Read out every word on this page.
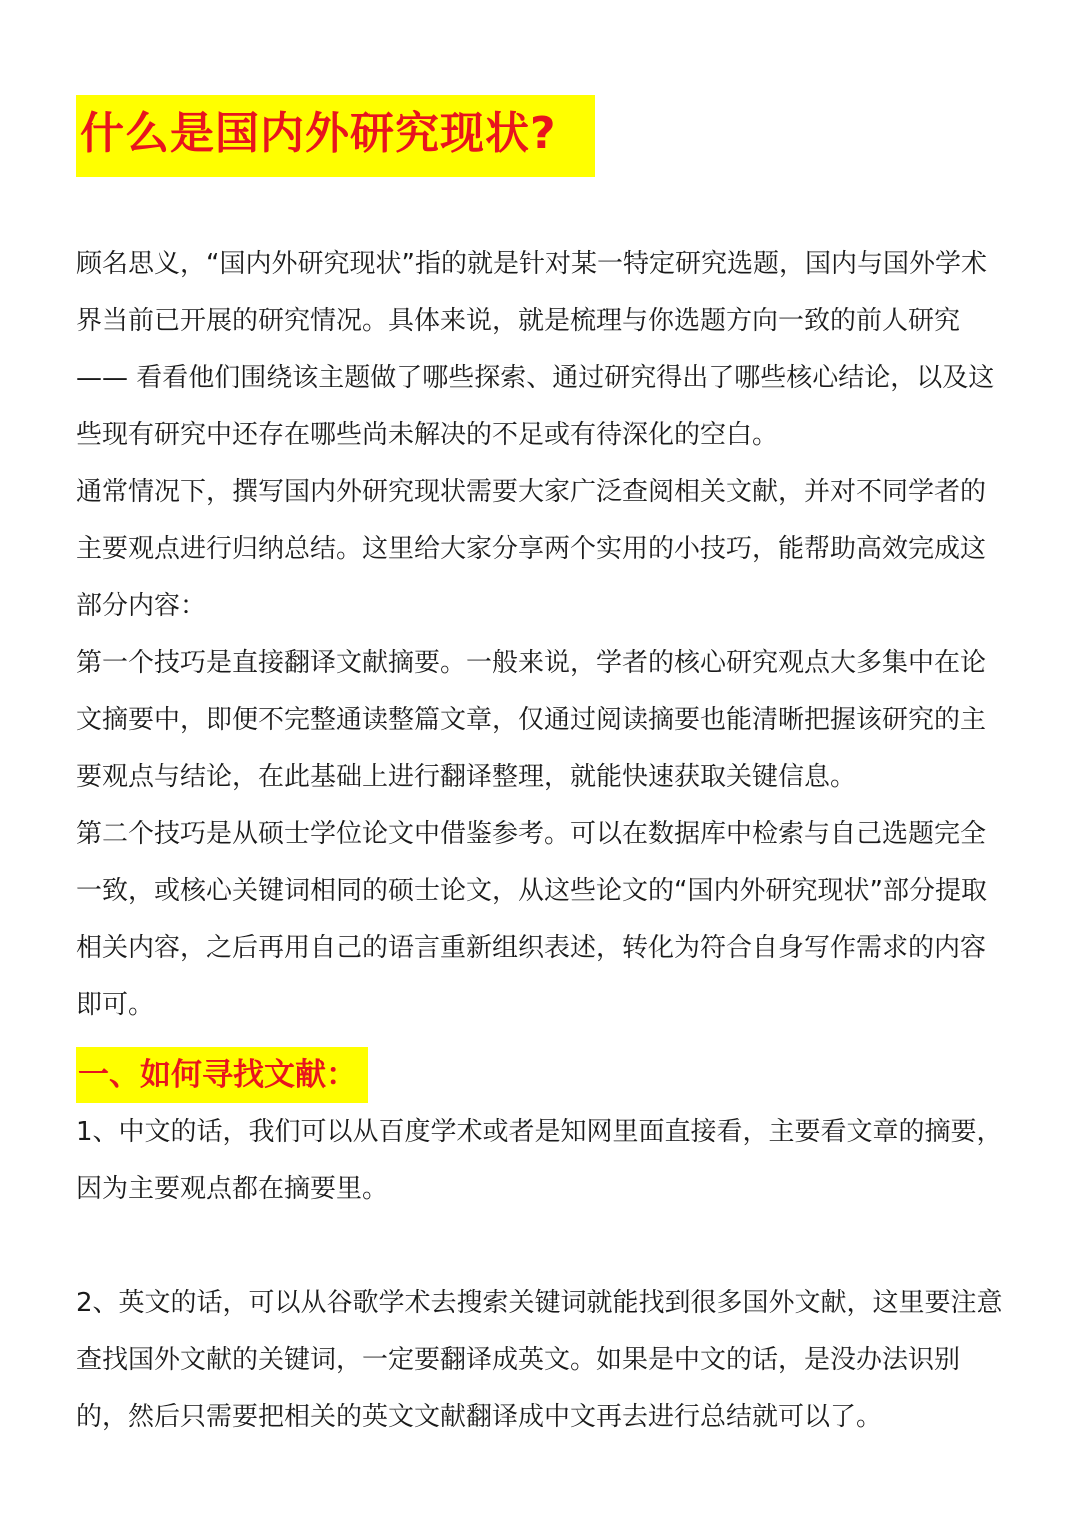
什么是国内外研究现状?

顾名思义，“国内外研究现状”指的就是针对某一特定研究选题，国内与国外学术界当前已开展的研究情况。具体来说，就是梳理与你选题方向一致的前人研究 —— 看看他们围绕该主题做了哪些探索、通过研究得出了哪些核心结论，以及这些现有研究中还存在哪些尚未解决的不足或有待深化的空白。

通常情况下，撰写国内外研究现状需要大家广泛查阅相关文献，并对不同学者的主要观点进行归纳总结。这里给大家分享两个实用的小技巧，能帮助高效完成这部分内容：

第一个技巧是直接翻译文献摘要。一般来说，学者的核心研究观点大多集中在论文摘要中，即便不完整通读整篇文章，仅通过阅读摘要也能清晰把握该研究的主要观点与结论，在此基础上进行翻译整理，就能快速获取关键信息。

第二个技巧是从硕士学位论文中借鉴参考。可以在数据库中检索与自己选题完全一致，或核心关键词相同的硕士论文，从这些论文的“国内外研究现状”部分提取相关内容，之后再用自己的语言重新组织表述，转化为符合自身写作需求的内容即可。

一、如何寻找文献：

1、中文的话，我们可以从百度学术或者是知网里面直接看，主要看文章的摘要，因为主要观点都在摘要里。

2、英文的话，可以从谷歌学术去搜索关键词就能找到很多国外文献，这里要注意查找国外文献的关键词，一定要翻译成英文。如果是中文的话，是没办法识别的，然后只需要把相关的英文文献翻译成中文再去进行总结就可以了。
